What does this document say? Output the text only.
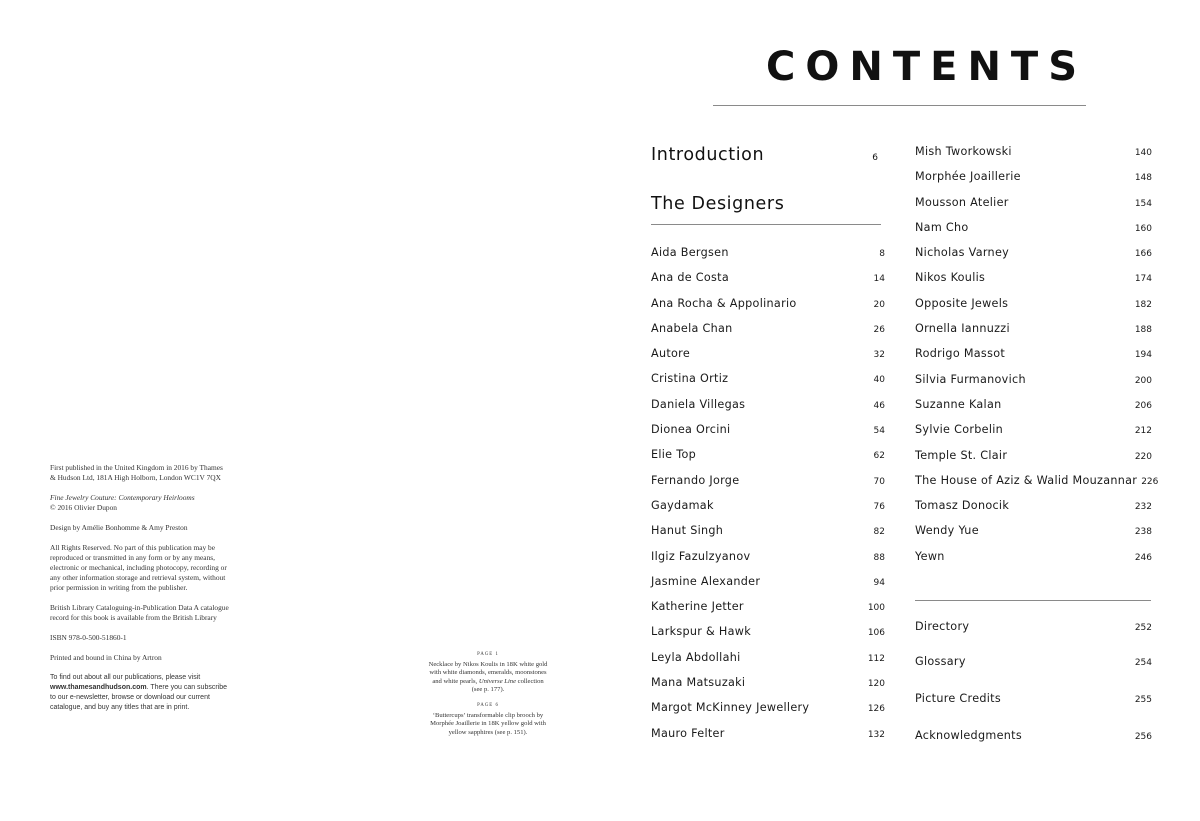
First published in the United Kingdom in 2016 by Thames & Hudson Ltd, 181A High Holborn, London WC1V 7QX

Fine Jewelry Couture: Contemporary Heirlooms
© 2016 Olivier Dupon

Design by Amélie Bonhomme & Amy Preston

All Rights Reserved. No part of this publication may be reproduced or transmitted in any form or by any means, electronic or mechanical, including photocopy, recording or any other information storage and retrieval system, without prior permission in writing from the publisher.

British Library Cataloguing-in-Publication Data A catalogue record for this book is available from the British Library

ISBN 978-0-500-51860-1

Printed and bound in China by Artron

To find out about all our publications, please visit www.thamesandhudson.com. There you can subscribe to our e-newsletter, browse or download our current catalogue, and buy any titles that are in print.

PAGE 1
Necklace by Nikos Koulis in 18K white gold with white diamonds, emeralds, moonstones and white pearls, Universe Line collection (see p. 177).
PAGE 6
‘Buttercups’ transformable clip brooch by Morphée Joaillerie in 18K yellow gold with yellow sapphires (see p. 151).
CONTENTS
Introduction	6
The Designers
Aida Bergsen	8
Ana de Costa	14
Ana Rocha & Appolinario	20
Anabela Chan	26
Autore	32
Cristina Ortiz	40
Daniela Villegas	46
Dionea Orcini	54
Elie Top	62
Fernando Jorge	70
Gaydamak	76
Hanut Singh	82
Ilgiz Fazulzyanov	88
Jasmine Alexander	94
Katherine Jetter	100
Larkspur & Hawk	106
Leyla Abdollahi	112
Mana Matsuzaki	120
Margot McKinney Jewellery	126
Mauro Felter	132
Mish Tworkowski	140
Morphée Joaillerie	148
Mousson Atelier	154
Nam Cho	160
Nicholas Varney	166
Nikos Koulis	174
Opposite Jewels	182
Ornella Iannuzzi	188
Rodrigo Massot	194
Silvia Furmanovich	200
Suzanne Kalan	206
Sylvie Corbelin	212
Temple St. Clair	220
The House of Aziz & Walid Mouzannar 226
Tomasz Donocik	232
Wendy Yue	238
Yewn	246
Directory	252
Glossary	254
Picture Credits	255
Acknowledgments	256
